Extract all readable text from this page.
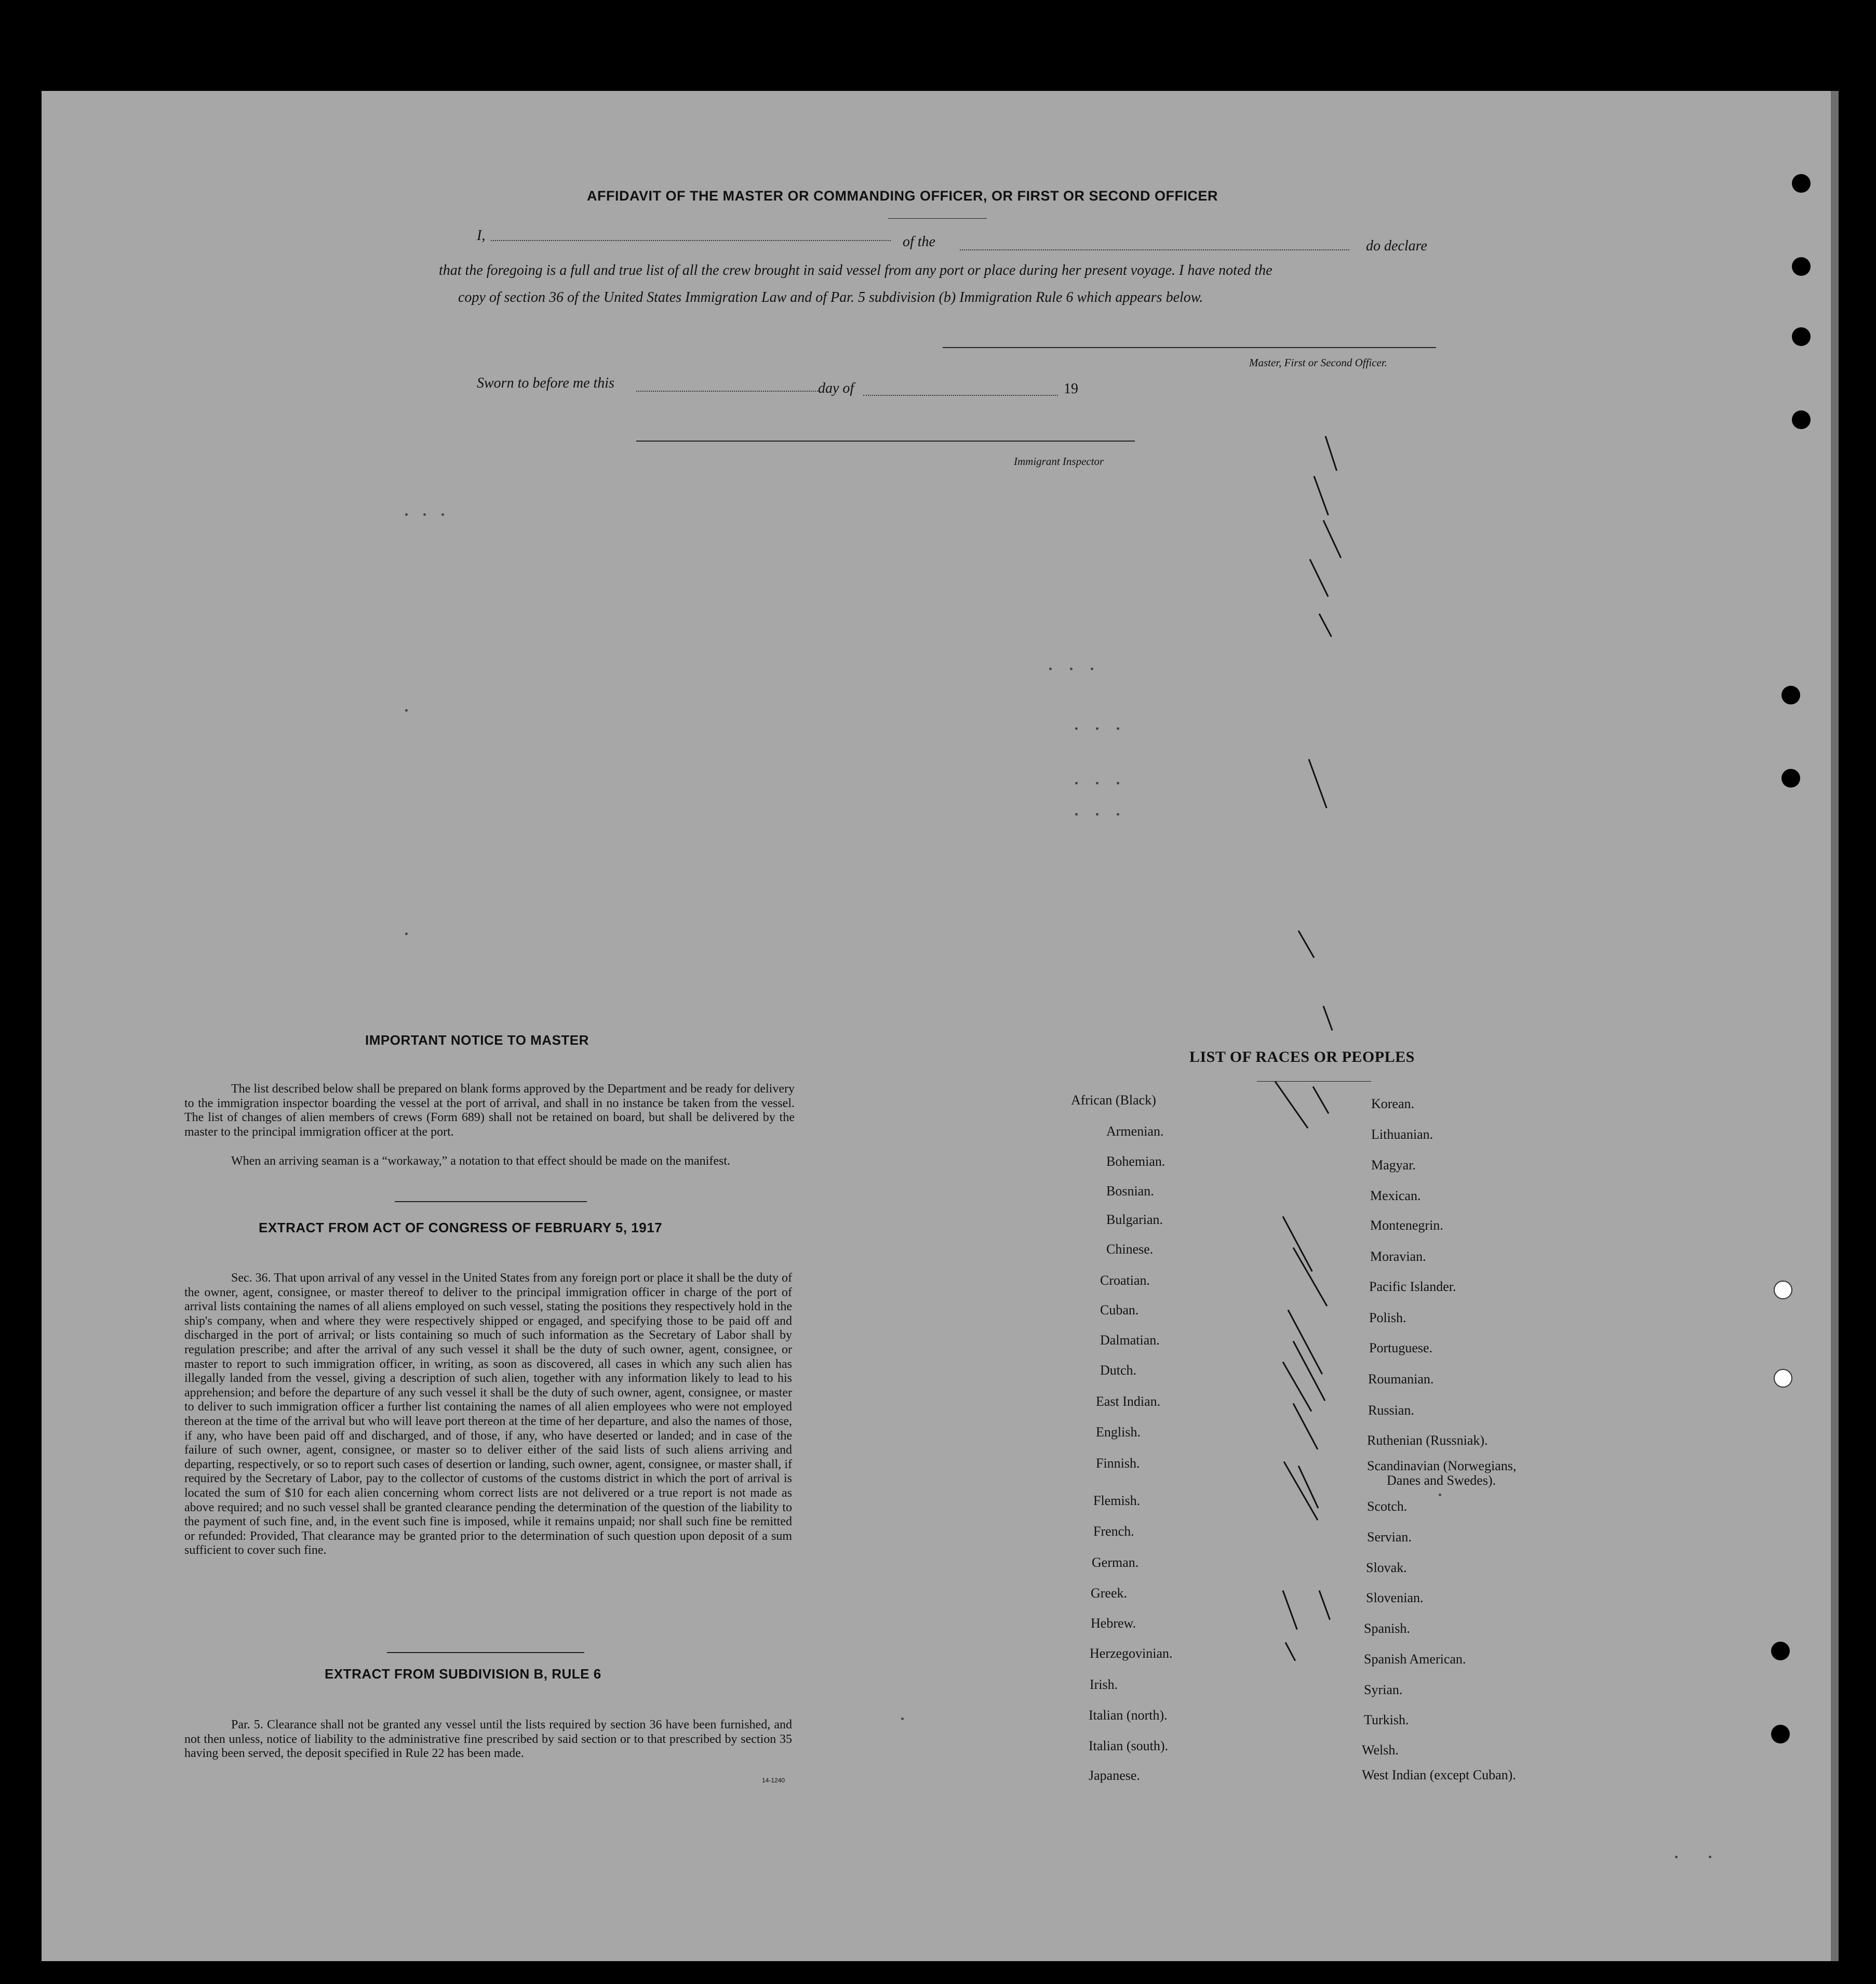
AFFIDAVIT OF THE MASTER OR COMMANDING OFFICER, OR FIRST OR SECOND OFFICER
I,	of the	do declare
that the foregoing is a full and true list of all the crew brought in said vessel from any port or place during her present voyage. I have noted the
copy of section 36 of the United States Immigration Law and of Par. 5 subdivision (b) Immigration Rule 6 which appears below.
Master, First or Second Officer.
Sworn to before me this	day of	19
Immigrant Inspector
IMPORTANT NOTICE TO MASTER
The list described below shall be prepared on blank forms approved by the Department and be ready for delivery to the immigration inspector boarding the vessel at the port of arrival, and shall in no instance be taken from the vessel. The list of changes of alien members of crews (Form 689) shall not be retained on board, but shall be delivered by the master to the principal immigration officer at the port.
When an arriving seaman is a “workaway,” a notation to that effect should be made on the manifest.
EXTRACT FROM ACT OF CONGRESS OF FEBRUARY 5, 1917
Sec. 36. That upon arrival of any vessel in the United States from any foreign port or place it shall be the duty of the owner, agent, consignee, or master thereof to deliver to the principal immigration officer in charge of the port of arrival lists containing the names of all aliens employed on such vessel, stating the positions they respectively hold in the ship's company, when and where they were respectively shipped or engaged, and specifying those to be paid off and discharged in the port of arrival; or lists containing so much of such information as the Secretary of Labor shall by regulation prescribe; and after the arrival of any such vessel it shall be the duty of such owner, agent, consignee, or master to report to such immigration officer, in writing, as soon as discovered, all cases in which any such alien has illegally landed from the vessel, giving a description of such alien, together with any information likely to lead to his apprehension; and before the departure of any such vessel it shall be the duty of such owner, agent, consignee, or master to deliver to such immigration officer a further list containing the names of all alien employees who were not employed thereon at the time of the arrival but who will leave port thereon at the time of her departure, and also the names of those, if any, who have been paid off and discharged, and of those, if any, who have deserted or landed; and in case of the failure of such owner, agent, consignee, or master so to deliver either of the said lists of such aliens arriving and departing, respectively, or so to report such cases of desertion or landing, such owner, agent, consignee, or master shall, if required by the Secretary of Labor, pay to the collector of customs of the customs district in which the port of arrival is located the sum of $10 for each alien concerning whom correct lists are not delivered or a true report is not made as above required; and no such vessel shall be granted clearance pending the determination of the question of the liability to the payment of such fine, and, in the event such fine is imposed, while it remains unpaid; nor shall such fine be remitted or refunded: Provided, That clearance may be granted prior to the determination of such question upon deposit of a sum sufficient to cover such fine.
EXTRACT FROM SUBDIVISION B, RULE 6
Par. 5. Clearance shall not be granted any vessel until the lists required by section 36 have been furnished, and not then unless, notice of liability to the administrative fine prescribed by said section or to that prescribed by section 35 having been served, the deposit specified in Rule 22 has been made.
14-1240
LIST OF RACES OR PEOPLES
African (Black)
Armenian.
Bohemian.
Bosnian.
Bulgarian.
Chinese.
Croatian.
Cuban.
Dalmatian.
Dutch.
East Indian.
English.
Finnish.
Flemish.
French.
German.
Greek.
Hebrew.
Herzegovinian.
Irish.
Italian (north).
Italian (south).
Japanese.
Korean.
Lithuanian.
Magyar.
Mexican.
Montenegrin.
Moravian.
Pacific Islander.
Polish.
Portuguese.
Roumanian.
Russian.
Ruthenian (Russniak).
Scandinavian (Norwegians,
Danes and Swedes).
Scotch.
Servian.
Slovak.
Slovenian.
Spanish.
Spanish American.
Syrian.
Turkish.
Welsh.
West Indian (except Cuban).
